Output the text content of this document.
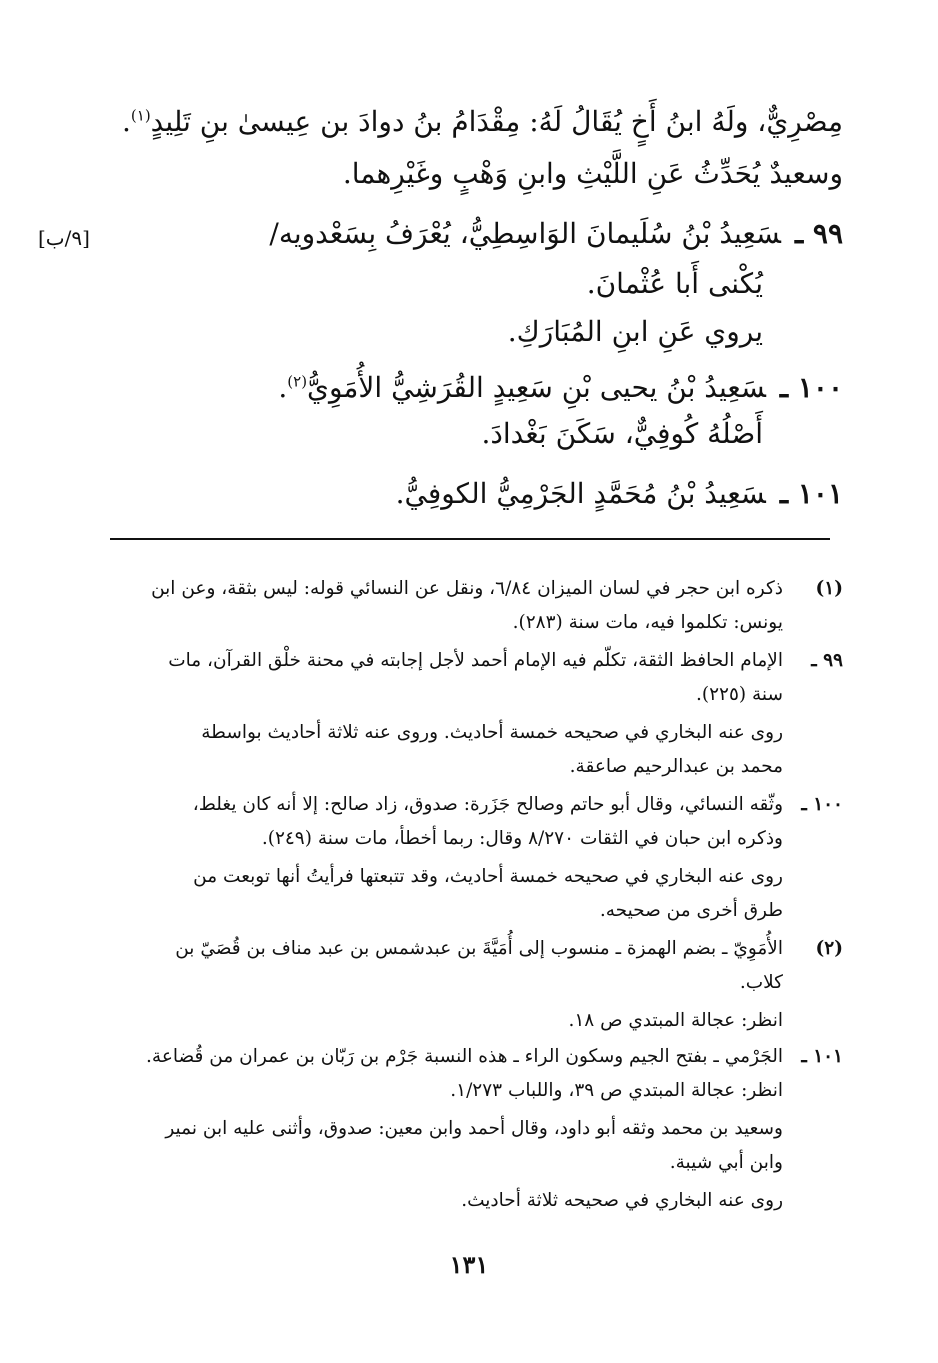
مِصْرِيٌّ، ولَهُ ابنُ أَخٍ يُقَالُ لَهُ: مِقْدَامُ بنُ دوادَ بن عِيسىٰ بنِ تَلِيدٍ$^{(١)}$.
وسعيدٌ يُحَدِّثُ عَنِ اللَّيْثِ وابنِ وَهْبٍ وغَيْرِهما.
٩٩ ـسَعِيدُ بْنُ سُلَيمانَ الوَاسِطِيُّ، يُعْرَفُ بِسَعْدويه/
[٩/ب]
يُكْنى أَبا عُثْمانَ.
يروي عَنِ ابنِ المُبَارَكِ.
١٠٠ ـسَعِيدُ بْنُ يحيى بْنِ سَعِيدٍ القُرَشِيُّ الأُمَوِيُّ$^{(٢)}$.
أَصْلُهُ كُوفِيٌّ، سَكَنَ بَغْدادَ.
١٠١ ـسَعِيدُ بْنُ مُحَمَّدٍ الجَرْمِيُّ الكوفِيُّ.
(١)
ذكره ابن حجر في لسان الميزان ٦/٨٤، ونقل عن النسائي قوله: ليس بثقة، وعن ابن
يونس: تكلموا فيه، مات سنة (٢٨٣).
٩٩ ـ
الإمام الحافظ الثقة، تكلّم فيه الإمام أحمد لأجل إجابته في محنة خلْق القرآن، مات
سنة (٢٢٥).
روى عنه البخاري في صحيحه خمسة أحاديث. وروى عنه ثلاثة أحاديث بواسطة
محمد بن عبدالرحيم صاعقة.
١٠٠ ـ
وثّقه النسائي، وقال أبو حاتم وصالح جَزَرة: صدوق، زاد صالح: إلا أنه كان يغلط،
وذكره ابن حبان في الثقات ٨/٢٧٠ وقال: ربما أخطأ، مات سنة (٢٤٩).
روى عنه البخاري في صحيحه خمسة أحاديث، وقد تتبعتها فرأيتُ أنها توبعت من
طرق أخرى من صحيحه.
(٢)
الأُمَوِيّ ـ بضم الهمزة ـ منسوب إلى أُمَيَّةَ بن عبدشمس بن عبد مناف بن قُصَيّ بن
كلاب.
انظر: عجالة المبتدي ص ١٨.
١٠١ ـ
الجَرْمي ـ بفتح الجيم وسكون الراء ـ هذه النسبة جَرْم بن رَبّان بن عمران من قُضاعة.
انظر: عجالة المبتدي ص ٣٩، واللباب ١/٢٧٣.
وسعيد بن محمد وثقه أبو داود، وقال أحمد وابن معين: صدوق، وأثنى عليه ابن نمير
وابن أبي شيبة.
روى عنه البخاري في صحيحه ثلاثة أحاديث.
١٣١
